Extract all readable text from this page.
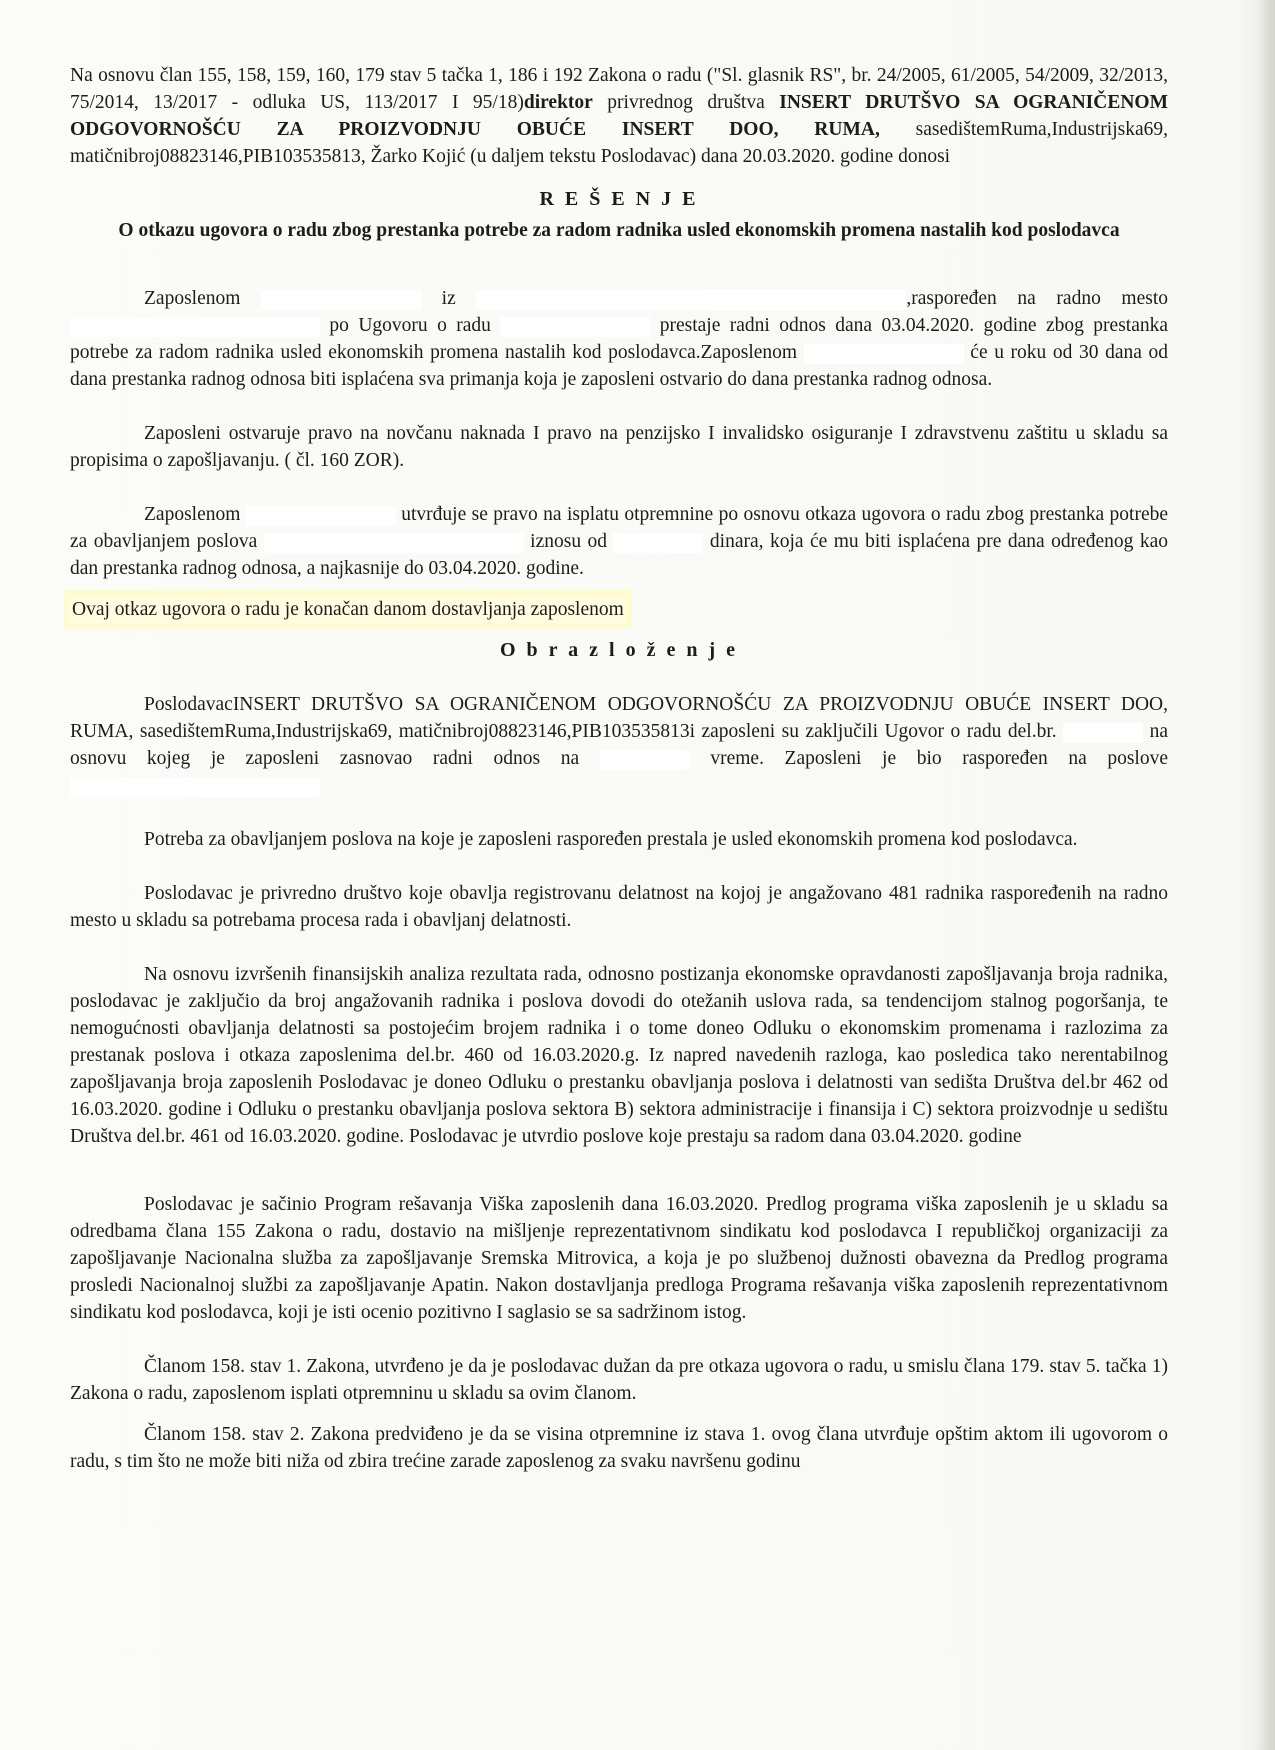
Na osnovu član 155, 158, 159, 160, 179 stav 5 tačka 1, 186 i 192 Zakona o radu ("Sl. glasnik RS", br. 24/2005, 61/2005, 54/2009, 32/2013, 75/2014, 13/2017 - odluka US, 113/2017 I 95/18)direktor privrednog društva INSERT DRUTŠVO SA OGRANIČENOM ODGOVORNOŠĆU ZA PROIZVODNJU OBUĆE INSERT DOO, RUMA, sasedištemRuma,Industrijska69, matičnibroj08823146,PIB103535813, Žarko Kojić (u daljem tekstu Poslodavac) dana 20.03.2020. godine donosi

R E Š E N J E

O otkazu ugovora o radu zbog prestanka potrebe za radom radnika usled ekonomskih promena nastalih kod poslodavca

Zaposlenom	iz	,raspoređen na radno mesto  po Ugovoru o radu	prestaje radni odnos dana 03.04.2020. godine zbog prestanka potrebe za radom radnika usled ekonomskih promena nastalih kod poslodavca.Zaposlenom	će u roku od 30 dana od dana prestanka radnog odnosa biti isplaćena sva primanja koja je zaposleni ostvario do dana prestanka radnog odnosa.

Zaposleni ostvaruje pravo na novčanu naknada I pravo na penzijsko I invalidsko osiguranje I zdravstvenu zaštitu u skladu sa propisima o zapošljavanju. ( čl. 160 ZOR).

Zaposlenom	utvrđuje se pravo na isplatu otpremnine po osnovu otkaza ugovora o radu zbog prestanka potrebe za obavljanjem poslova	iznosu od	dinara, koja će mu biti isplaćena pre dana određenog kao dan prestanka radnog odnosa, a najkasnije do 03.04.2020. godine.

Ovaj otkaz ugovora o radu je konačan danom dostavljanja zaposlenom

O b r a z l o ž e n j e

PoslodavacINSERT DRUTŠVO SA OGRANIČENOM ODGOVORNOŠĆU ZA PROIZVODNJU OBUĆE INSERT DOO, RUMA, sasedištemRuma,Industrijska69, matičnibroj08823146,PIB103535813i zaposleni su zaključili Ugovor o radu del.br.	na osnovu kojeg je zaposleni zasnovao radni odnos na	vreme. Zaposleni je bio raspoređen na poslove

Potreba za obavljanjem poslova na koje je zaposleni raspoređen prestala je usled ekonomskih promena kod poslodavca.

Poslodavac je privredno društvo koje obavlja registrovanu delatnost na kojoj je angažovano 481 radnika raspoređenih na radno mesto u skladu sa potrebama procesa rada i obavljanj delatnosti.

Na osnovu izvršenih finansijskih analiza rezultata rada, odnosno postizanja ekonomske opravdanosti zapošljavanja broja radnika, poslodavac je zaključio da broj angažovanih radnika i poslova dovodi do otežanih uslova rada, sa tendencijom stalnog pogoršanja, te nemogućnosti obavljanja delatnosti sa postojećim brojem radnika i o tome doneo Odluku o ekonomskim promenama i razlozima za prestanak poslova i otkaza zaposlenima del.br. 460 od 16.03.2020.g. Iz napred navedenih razloga, kao posledica tako nerentabilnog zapošljavanja broja zaposlenih Poslodavac je doneo Odluku o prestanku obavljanja poslova i delatnosti van sedišta Društva del.br 462 od 16.03.2020. godine i Odluku o prestanku obavljanja poslova sektora B) sektora administracije i finansija i C) sektora proizvodnje u sedištu Društva del.br. 461 od 16.03.2020. godine. Poslodavac je utvrdio poslove koje prestaju sa radom dana 03.04.2020. godine

Poslodavac je sačinio Program rešavanja Viška zaposlenih dana 16.03.2020. Predlog programa viška zaposlenih je u skladu sa odredbama člana 155 Zakona o radu, dostavio na mišljenje reprezentativnom sindikatu kod poslodavca I republičkoj organizaciji za zapošljavanje Nacionalna služba za zapošljavanje Sremska Mitrovica, a koja je po službenoj dužnosti obavezna da Predlog programa prosledi Nacionalnoj službi za zapošljavanje Apatin. Nakon dostavljanja predloga Programa rešavanja viška zaposlenih reprezentativnom sindikatu kod poslodavca, koji je isti ocenio pozitivno I saglasio se sa sadržinom istog.

Članom 158. stav 1. Zakona, utvrđeno je da je poslodavac dužan da pre otkaza ugovora o radu, u smislu člana 179. stav 5. tačka 1) Zakona o radu, zaposlenom isplati otpremninu u skladu sa ovim članom.

Članom 158. stav 2. Zakona predviđeno je da se visina otpremnine iz stava 1. ovog člana utvrđuje opštim aktom ili ugovorom o radu, s tim što ne može biti niža od zbira trećine zarade zaposlenog za svaku navršenu godinu
